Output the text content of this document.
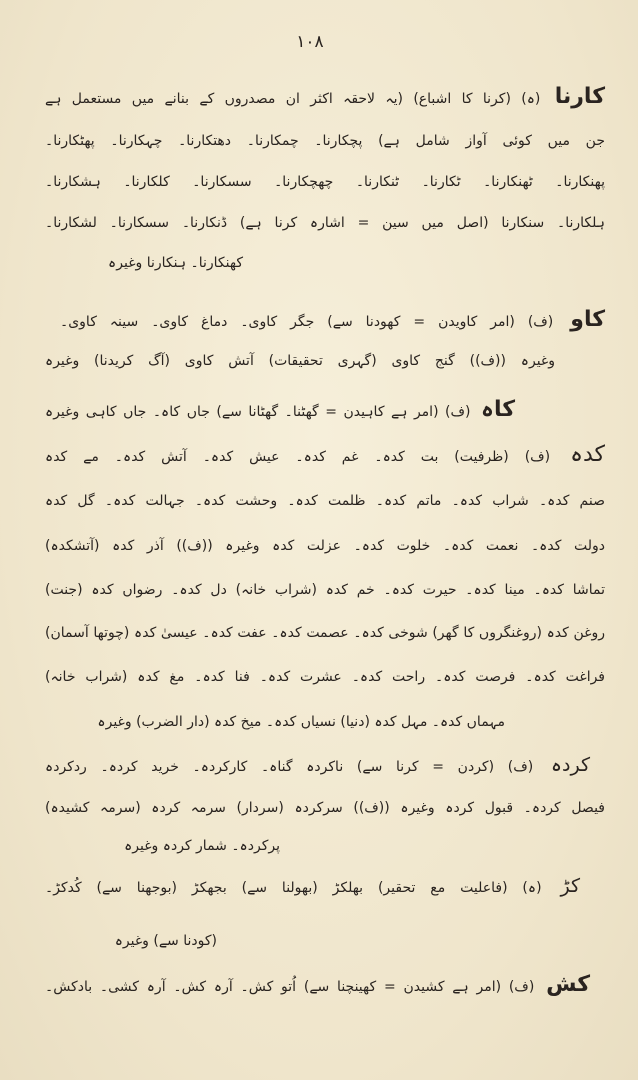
۱۰۸
کارنا (ہ) (کرنا کا اشباع) (یہ لاحقہ اکثر ان مصدروں کے بنانے میں مستعمل ہے
جن میں کوئی آواز شامل ہے) پچکارنا۔ چمکارنا۔ دھتکارنا۔ چہکارنا۔ پھٹکارنا۔
پھنکارنا۔ ٹھنکارنا۔ ٹکارنا۔ ٹنکارنا۔ چھچکارنا۔ سسکارنا۔ کلکارنا۔ ہشکارنا۔
ہلکارنا۔ سنکارنا (اصل میں سین = اشارہ کرنا ہے) ڈنکارنا۔ سسکارنا۔ لشکارنا۔
کھنکارنا۔ ہنکارنا وغیرہ
کاو (ف) (امر کاویدن = کھودنا سے) جگر کاوی۔ دماغ کاوی۔ سینہ کاوی۔
وغیرہ ((ف)) گنج کاوی (گہری تحقیقات) آتش کاوی (آگ کریدنا) وغیرہ
کاہ (ف) (امر ہے کاہیدن = گھٹنا۔ گھٹانا سے) جاں کاہ۔ جاں کاہی وغیرہ
کدہ (ف) (ظرفیت) بت کدہ۔ غم کدہ۔ عیش کدہ۔ آتش کدہ۔ مے کدہ
صنم کدہ۔ شراب کدہ۔ ماتم کدہ۔ ظلمت کدہ۔ وحشت کدہ۔ جہالت کدہ۔ گل کدہ
دولت کدہ۔ نعمت کدہ۔ خلوت کدہ۔ عزلت کدہ وغیرہ ((ف)) آذر کدہ (آتشکدہ)
تماشا کدہ۔ مینا کدہ۔ حیرت کدہ۔ خم کدہ (شراب خانہ) دل کدہ۔ رضواں کدہ (جنت)
روغن کدہ (روغنگروں کا گھر) شوخی کدہ۔ عصمت کدہ۔ عفت کدہ۔ عیسیٰ کدہ (چوتھا آسمان)
فراغت کدہ۔ فرصت کدہ۔ راحت کدہ۔ عشرت کدہ۔ فنا کدہ۔ مغ کدہ (شراب خانہ)
مہماں کدہ۔ مہل کدہ (دنیا) نسیاں کدہ۔ میخ کدہ (دار الضرب) وغیرہ
کردہ (ف) (کردن = کرنا سے) ناکردہ گناہ۔ کارکردہ۔ خرید کردہ۔ ردکردہ
فیصل کردہ۔ قبول کردہ وغیرہ ((ف)) سرکردہ (سردار) سرمہ کردہ (سرمہ کشیدہ)
پرکردہ۔ شمار کردہ وغیرہ
کڑ (ہ) (فاعلیت مع تحقیر) بھلکڑ (بھولنا سے) بجھکڑ (بوجھنا سے) کُدکڑ۔
(کودنا سے) وغیرہ
کش (ف) (امر ہے کشیدن = کھینچنا سے) اُتو کش۔ آرہ کش۔ آرہ کشی۔ بادکش۔
